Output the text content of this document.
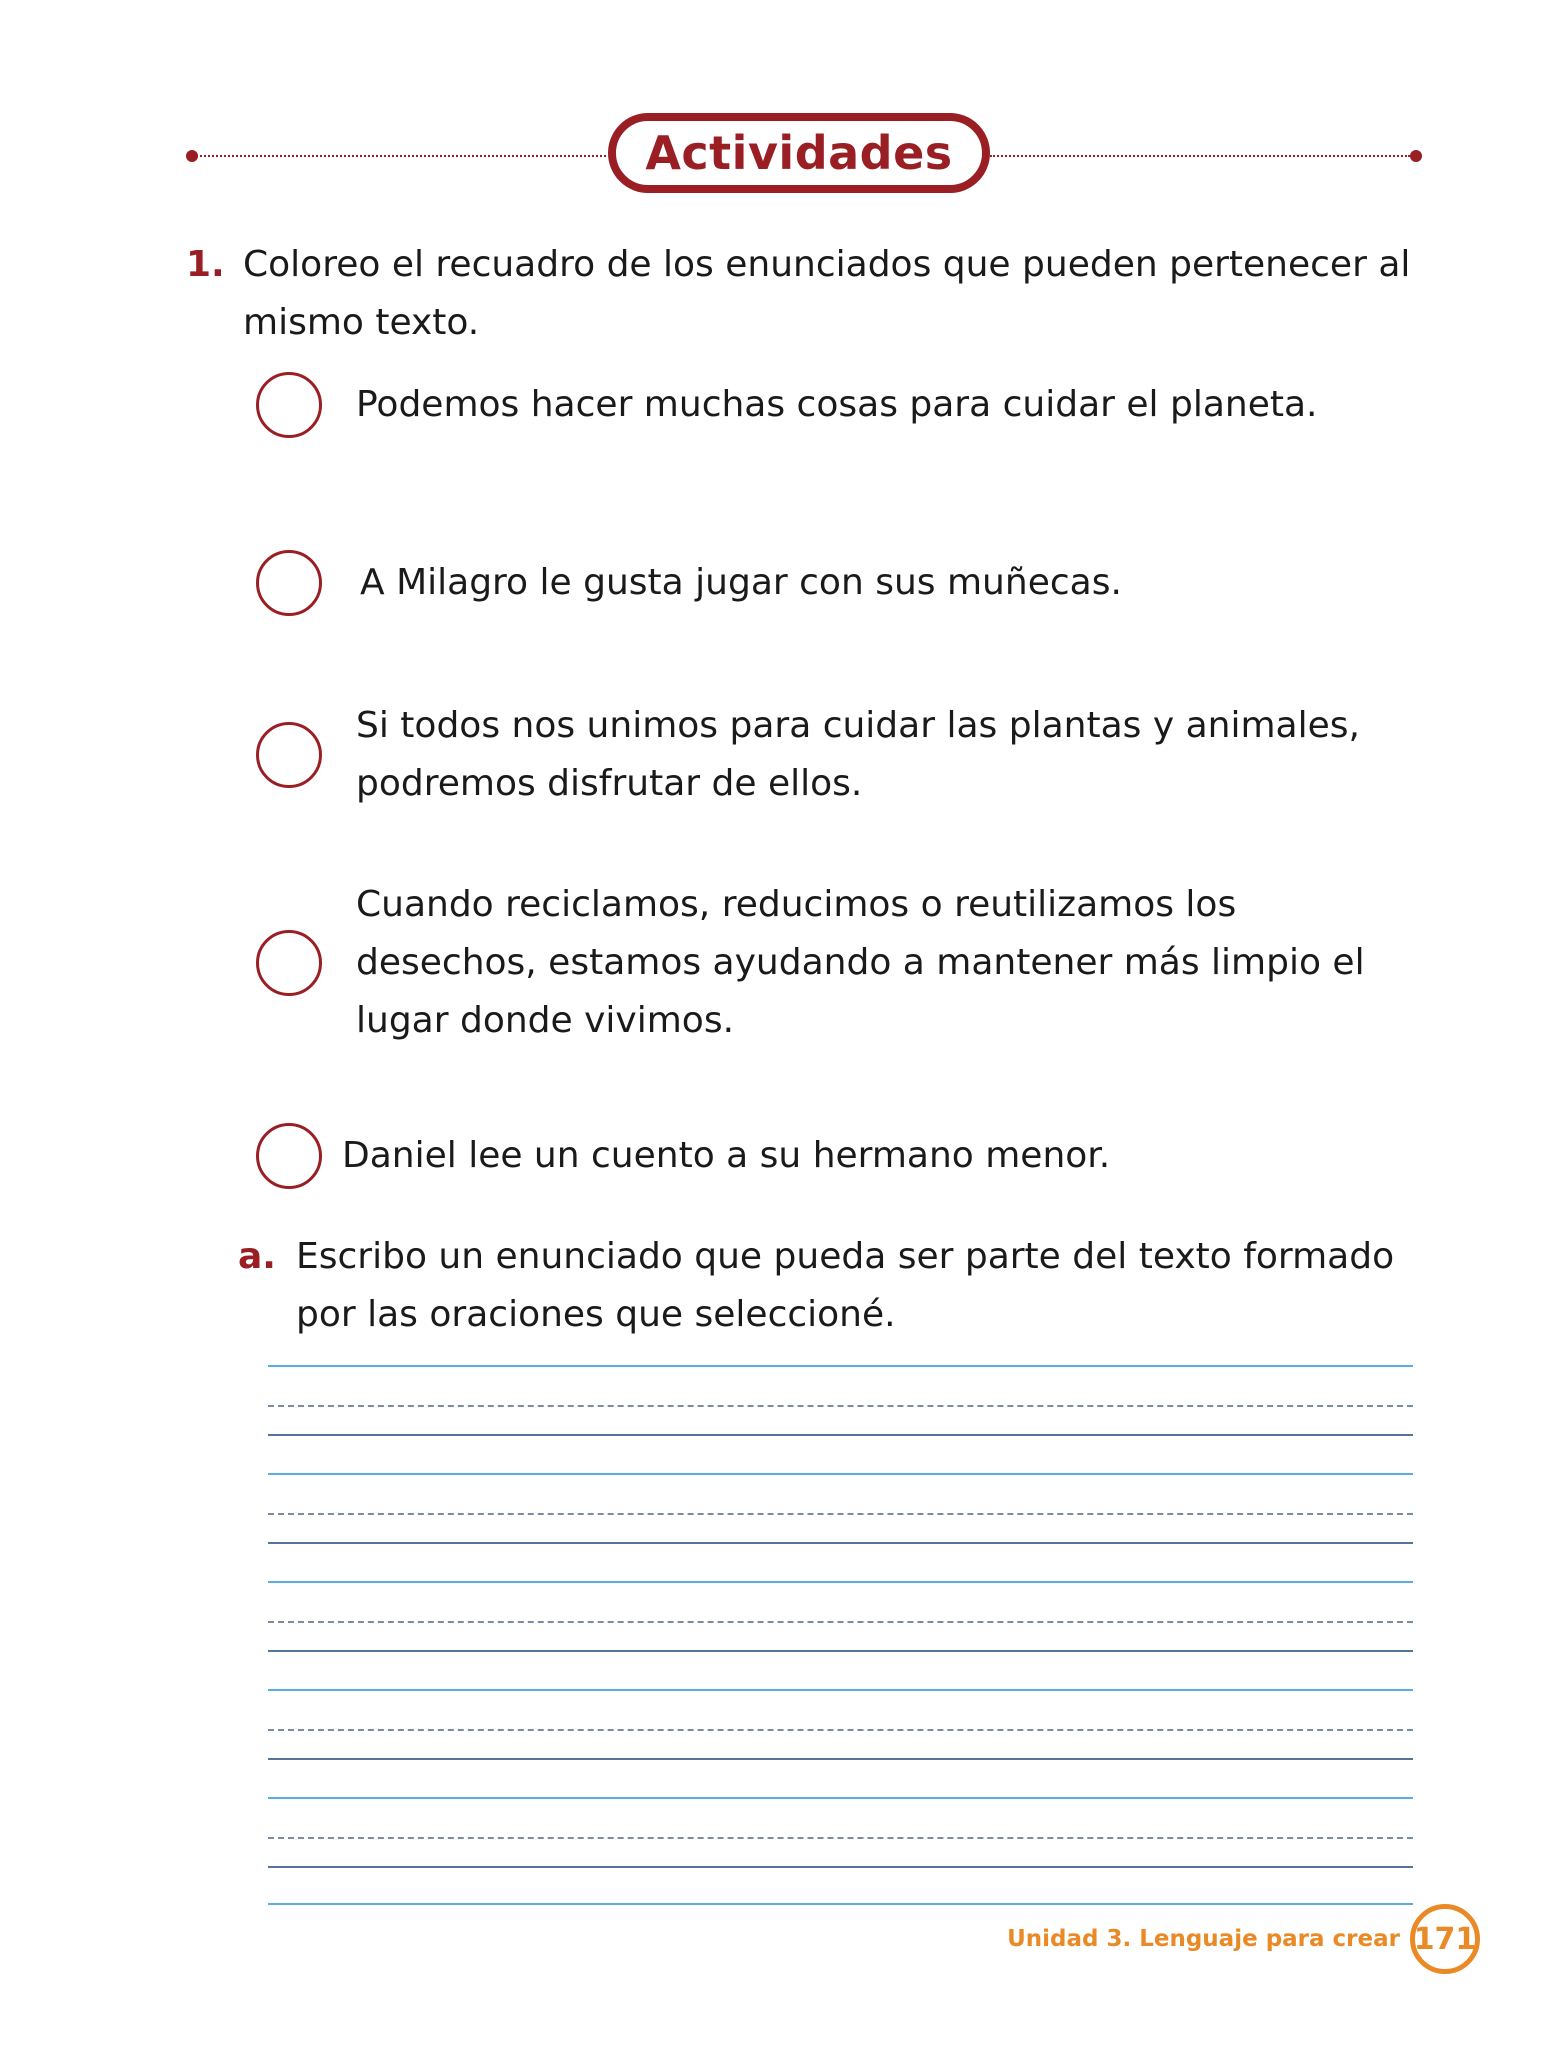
Actividades
1. Coloreo el recuadro de los enunciados que pueden pertenecer al mismo texto.
Podemos hacer muchas cosas para cuidar el planeta.
A Milagro le gusta jugar con sus muñecas.
Si todos nos unimos para cuidar las plantas y animales, podremos disfrutar de ellos.
Cuando reciclamos, reducimos o reutilizamos los desechos, estamos ayudando a mantener más limpio el lugar donde vivimos.
Daniel lee un cuento a su hermano menor.
a. Escribo un enunciado que pueda ser parte del texto formado por las oraciones que seleccioné.
Unidad 3. Lenguaje para crear 171
